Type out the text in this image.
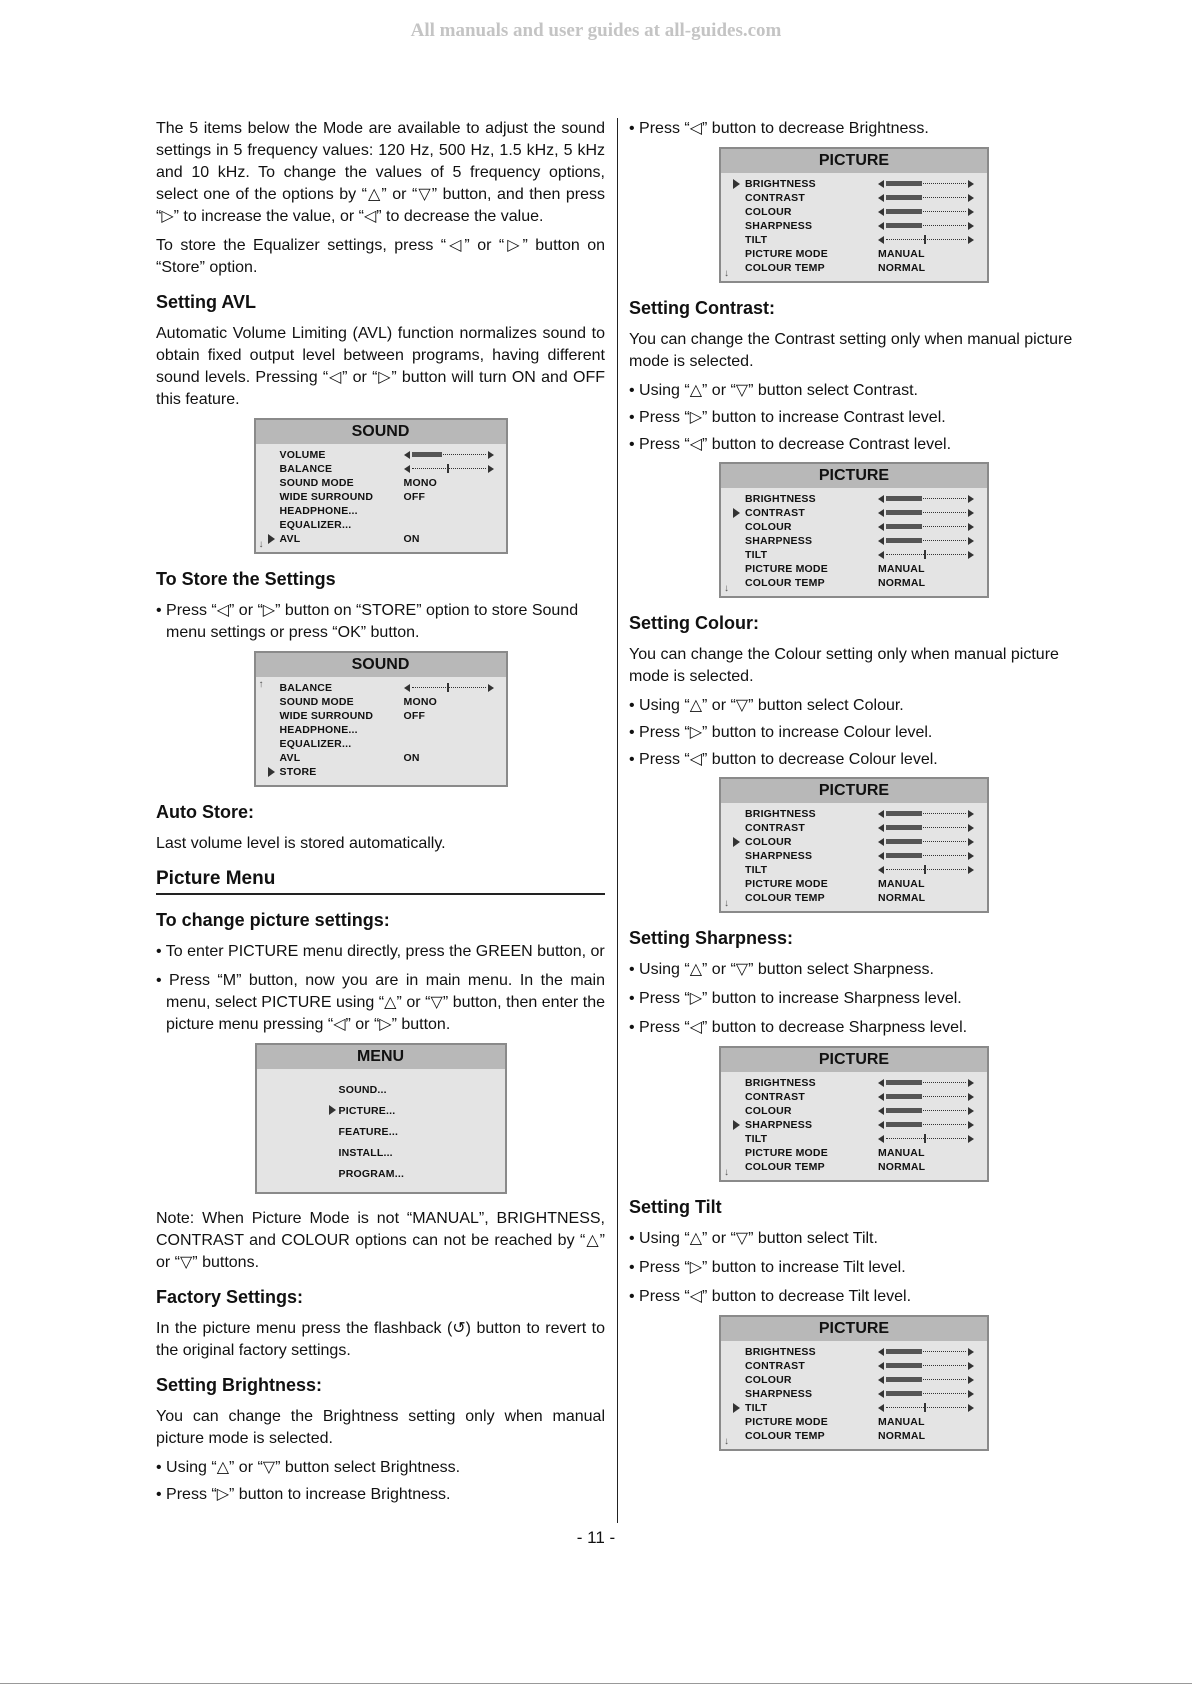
All manuals and user guides at all-guides.com

The 5 items below the Mode are available to adjust the sound settings in 5 frequency values: 120 Hz, 500 Hz, 1.5 kHz, 5 kHz and 10 kHz. To change the values of 5 frequency options, select one of the options by “△” or “▽” button, and then press “▷” to increase the value, or “◁” to decrease the value.

To store the Equalizer settings, press “◁” or “▷” button on “Store” option.

Setting AVL

Automatic Volume Limiting (AVL) function normalizes sound to obtain fixed output level between programs, having different sound levels. Pressing “◁” or “▷” button will turn ON and OFF this feature.

SOUND
VOLUME
BALANCE
SOUND MODE	MONO
WIDE SURROUND	OFF
HEADPHONE...
EQUALIZER...
AVL	ON
↓
To Store the Settings

• Press “◁” or “▷” button on “STORE” option to store Sound menu settings or press “OK” button.

SOUND
BALANCE
SOUND MODE	MONO
WIDE SURROUND	OFF
HEADPHONE...
EQUALIZER...
AVL	ON
STORE
↑
Auto Store:

Last volume level is stored automatically.

Picture Menu
To change picture settings:

• To enter PICTURE menu directly, press the GREEN button, or

• Press “M” button, now you are in main menu. In the main menu, select PICTURE using “△” or “▽” button, then enter the picture menu pressing “◁” or “▷” button.

MENU
SOUND...
PICTURE...
FEATURE...
INSTALL...
PROGRAM...

Note: When Picture Mode is not “MANUAL”, BRIGHTNESS, CONTRAST and COLOUR options can not be reached by “△” or “▽” buttons.

Factory Settings:

In the picture menu press the flashback (↺) button to revert to the original factory settings.

Setting Brightness:

You can change the Brightness setting only when manual picture mode is selected.

• Using “△” or “▽” button select Brightness.

• Press “▷” button to increase Brightness.

• Press “◁” button to decrease Brightness.

PICTURE
BRIGHTNESS
CONTRAST
COLOUR
SHARPNESS
TILT
PICTURE MODE	MANUAL
COLOUR TEMP	NORMAL
↓
Setting Contrast:

You can change the Contrast setting only when manual picture mode is selected.

• Using “△” or “▽” button select Contrast.

• Press “▷” button to increase Contrast level.

• Press “◁” button to decrease Contrast level.

PICTURE
BRIGHTNESS
CONTRAST
COLOUR
SHARPNESS
TILT
PICTURE MODE	MANUAL
COLOUR TEMP	NORMAL
↓
Setting Colour:

You can change the Colour setting only when manual picture mode is selected.

• Using “△” or “▽” button select Colour.

• Press “▷” button to increase Colour level.

• Press “◁” button to decrease Colour level.

PICTURE
BRIGHTNESS
CONTRAST
COLOUR
SHARPNESS
TILT
PICTURE MODE	MANUAL
COLOUR TEMP	NORMAL
↓
Setting Sharpness:

• Using “△” or “▽” button select Sharpness.

• Press “▷” button to increase Sharpness level.

• Press “◁” button to decrease Sharpness level.

PICTURE
BRIGHTNESS
CONTRAST
COLOUR
SHARPNESS
TILT
PICTURE MODE	MANUAL
COLOUR TEMP	NORMAL
↓
Setting Tilt

• Using “△” or “▽” button select Tilt.

• Press “▷” button to increase Tilt level.

• Press “◁” button to decrease Tilt level.

PICTURE
BRIGHTNESS
CONTRAST
COLOUR
SHARPNESS
TILT
PICTURE MODE	MANUAL
COLOUR TEMP	NORMAL
↓
- 11 -
